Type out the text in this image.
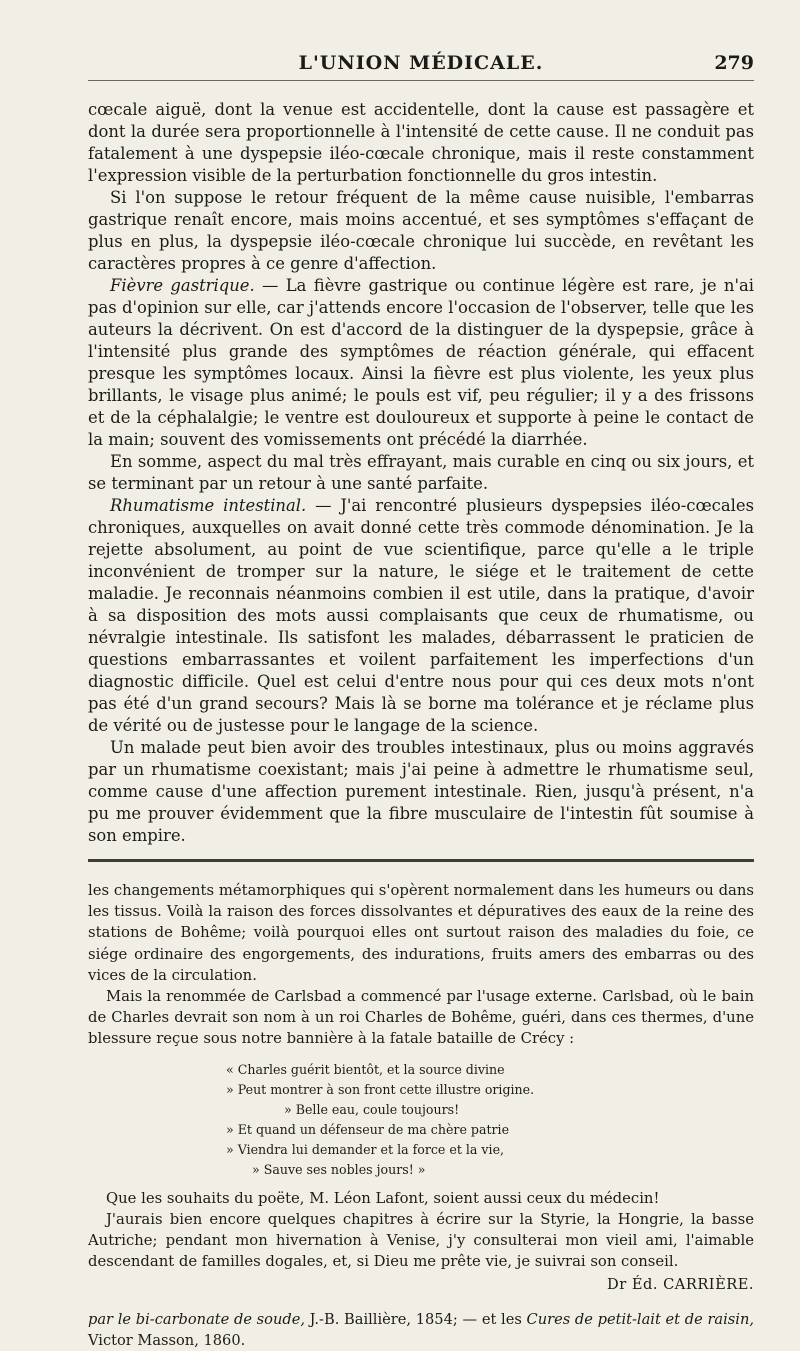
L'UNION MÉDICALE.	279

cœcale aiguë, dont la venue est accidentelle, dont la cause est passagère et dont la durée sera proportionnelle à l'intensité de cette cause. Il ne conduit pas fatalement à une dyspepsie iléo-cœcale chronique, mais il reste constamment l'expression visible de la perturbation fonctionnelle du gros intestin.

Si l'on suppose le retour fréquent de la même cause nuisible, l'embarras gastrique renaît encore, mais moins accentué, et ses symptômes s'effaçant de plus en plus, la dyspepsie iléo-cœcale chronique lui succède, en revêtant les caractères propres à ce genre d'affection.

Fièvre gastrique. — La fièvre gastrique ou continue légère est rare, je n'ai pas d'opinion sur elle, car j'attends encore l'occasion de l'observer, telle que les auteurs la décrivent. On est d'accord de la distinguer de la dyspepsie, grâce à l'intensité plus grande des symptômes de réaction générale, qui effacent presque les symptômes locaux. Ainsi la fièvre est plus violente, les yeux plus brillants, le visage plus animé; le pouls est vif, peu régulier; il y a des frissons et de la céphalalgie; le ventre est douloureux et supporte à peine le contact de la main; souvent des vomissements ont précédé la diarrhée.

En somme, aspect du mal très effrayant, mais curable en cinq ou six jours, et se terminant par un retour à une santé parfaite.

Rhumatisme intestinal. — J'ai rencontré plusieurs dyspepsies iléo-cœcales chroniques, auxquelles on avait donné cette très commode dénomination. Je la rejette absolument, au point de vue scientifique, parce qu'elle a le triple inconvénient de tromper sur la nature, le siége et le traitement de cette maladie. Je reconnais néanmoins combien il est utile, dans la pratique, d'avoir à sa disposition des mots aussi complaisants que ceux de rhumatisme, ou névralgie intestinale. Ils satisfont les malades, débarrassent le praticien de questions embarrassantes et voilent parfaitement les imperfections d'un diagnostic difficile. Quel est celui d'entre nous pour qui ces deux mots n'ont pas été d'un grand secours? Mais là se borne ma tolérance et je réclame plus de vérité ou de justesse pour le langage de la science.

Un malade peut bien avoir des troubles intestinaux, plus ou moins aggravés par un rhumatisme coexistant; mais j'ai peine à admettre le rhumatisme seul, comme cause d'une affection purement intestinale. Rien, jusqu'à présent, n'a pu me prouver évidemment que la fibre musculaire de l'intestin fût soumise à son empire.

les changements métamorphiques qui s'opèrent normalement dans les humeurs ou dans les tissus. Voilà la raison des forces dissolvantes et dépuratives des eaux de la reine des stations de Bohême; voilà pourquoi elles ont surtout raison des maladies du foie, ce siége ordinaire des engorgements, des indurations, fruits amers des embarras ou des vices de la circulation.

Mais la renommée de Carlsbad a commencé par l'usage externe. Carlsbad, où le bain de Charles devrait son nom à un roi Charles de Bohême, guéri, dans ces thermes, d'une blessure reçue sous notre bannière à la fatale bataille de Crécy :

« Charles guérit bientôt, et la source divine
» Peut montrer à son front cette illustre origine.
» Belle eau, coule toujours!
» Et quand un défenseur de ma chère patrie
» Viendra lui demander et la force et la vie,
» Sauve ses nobles jours! »

Que les souhaits du poëte, M. Léon Lafont, soient aussi ceux du médecin!

J'aurais bien encore quelques chapitres à écrire sur la Styrie, la Hongrie, la basse Autriche; pendant mon hivernation à Venise, j'y consulterai mon vieil ami, l'aimable descendant de familles dogales, et, si Dieu me prête vie, je suivrai son conseil.

Dr Éd. CARRIÈRE.
par le bi-carbonate de soude, J.-B. Baillière, 1854; — et les Cures de petit-lait et de raisin, Victor Masson, 1860.
